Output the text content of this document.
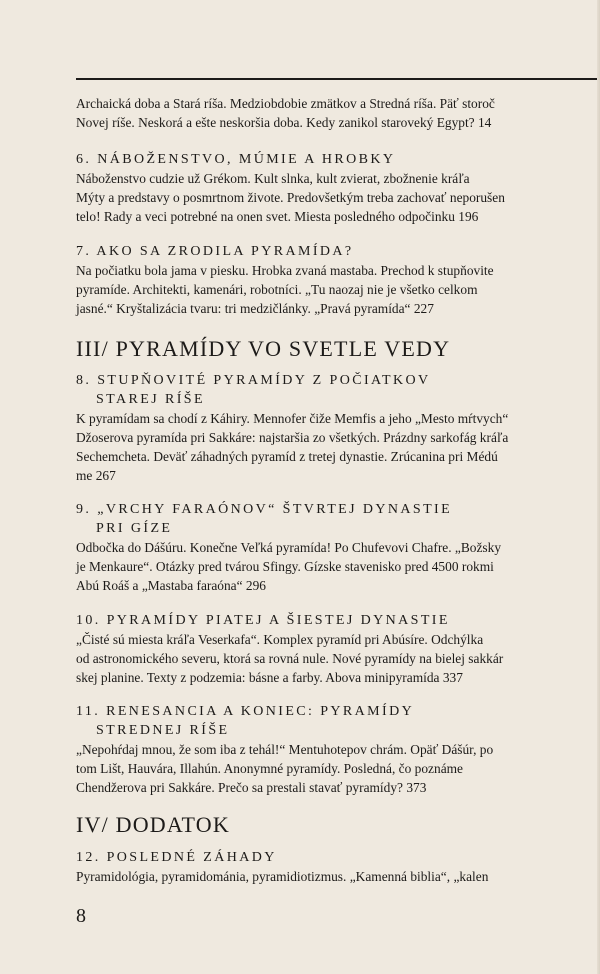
Archaická doba a Stará ríša. Medziobdobie zmätkov a Stredná ríša. Päť storoč
Novej ríše. Neskorá a ešte neskoršia doba. Kedy zanikol staroveký Egypt? 14
6. NÁBOŽENSTVO, MÚMIE A HROBKY
Náboženstvo cudzie už Grékom. Kult slnka, kult zvierat, zbožnenie kráľa
Mýty a predstavy o posmrtnom živote. Predovšetkým treba zachovať neporušen
telo! Rady a veci potrebné na onen svet. Miesta posledného odpočinku 196
7. AKO SA ZRODILA PYRAMÍDA?
Na počiatku bola jama v piesku. Hrobka zvaná mastaba. Prechod k stupňovite
pyramíde. Architekti, kamenári, robotníci. „Tu naozaj nie je všetko celkom
jasné.“ Kryštalizácia tvaru: tri medzičlánky. „Pravá pyramída“ 227
III/ PYRAMÍDY VO SVETLE VEDY
8. STUPŇOVITÉ PYRAMÍDY Z POČIATKOV
STAREJ RÍŠE
K pyramídam sa chodí z Káhiry. Mennofer čiže Memfis a jeho „Mesto mŕtvych“
Džoserova pyramída pri Sakkáre: najstaršia zo všetkých. Prázdny sarkofág kráľa
Sechemcheta. Deväť záhadných pyramíd z tretej dynastie. Zrúcanina pri Médú
me 267
9. „VRCHY FARAÓNOV“ ŠTVRTEJ DYNASTIE
PRI GÍZE
Odbočka do Dášúru. Konečne Veľká pyramída! Po Chufevovi Chafre. „Božsky
je Menkaure“. Otázky pred tvárou Sfingy. Gízske stavenisko pred 4500 rokmi
Abú Roáš a „Mastaba faraóna“ 296
10. PYRAMÍDY PIATEJ A ŠIESTEJ DYNASTIE
„Čisté sú miesta kráľa Veserkafa“. Komplex pyramíd pri Abúsíre. Odchýlka
od astronomického severu, ktorá sa rovná nule. Nové pyramídy na bielej sakkár
skej planine. Texty z podzemia: básne a farby. Abova minipyramída 337
11. RENESANCIA A KONIEC: PYRAMÍDY
STREDNEJ RÍŠE
„Nepohŕdaj mnou, že som iba z tehál!“ Mentuhotepov chrám. Opäť Dášúr, po
tom Lišt, Hauvára, Illahún. Anonymné pyramídy. Posledná, čo poznáme
Chendžerova pri Sakkáre. Prečo sa prestali stavať pyramídy? 373
IV/ DODATOK
12. POSLEDNÉ ZÁHADY
Pyramidológia, pyramidománia, pyramidiotizmus. „Kamenná biblia“, „kalen
8
